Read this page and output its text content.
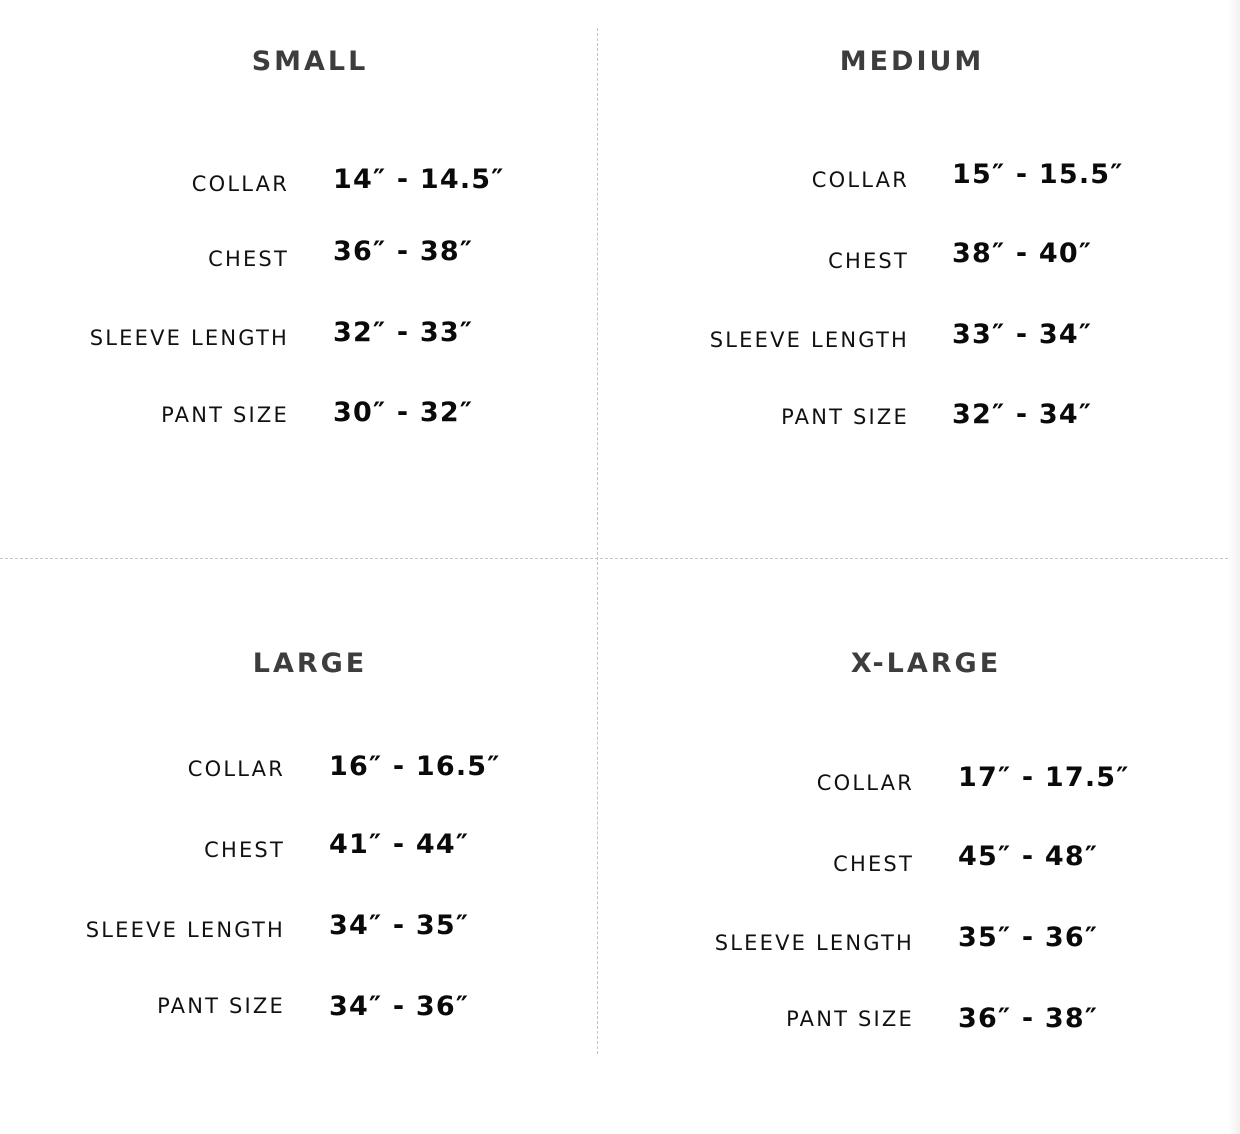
SMALL
COLLAR 14″ - 14.5″
CHEST 36″ - 38″
SLEEVE LENGTH 32″ - 33″
PANT SIZE 30″ - 32″
MEDIUM
COLLAR 15″ - 15.5″
CHEST 38″ - 40″
SLEEVE LENGTH 33″ - 34″
PANT SIZE 32″ - 34″
LARGE
COLLAR 16″ - 16.5″
CHEST 41″ - 44″
SLEEVE LENGTH 34″ - 35″
PANT SIZE 34″ - 36″
X-LARGE
COLLAR 17″ - 17.5″
CHEST 45″ - 48″
SLEEVE LENGTH 35″ - 36″
PANT SIZE 36″ - 38″
